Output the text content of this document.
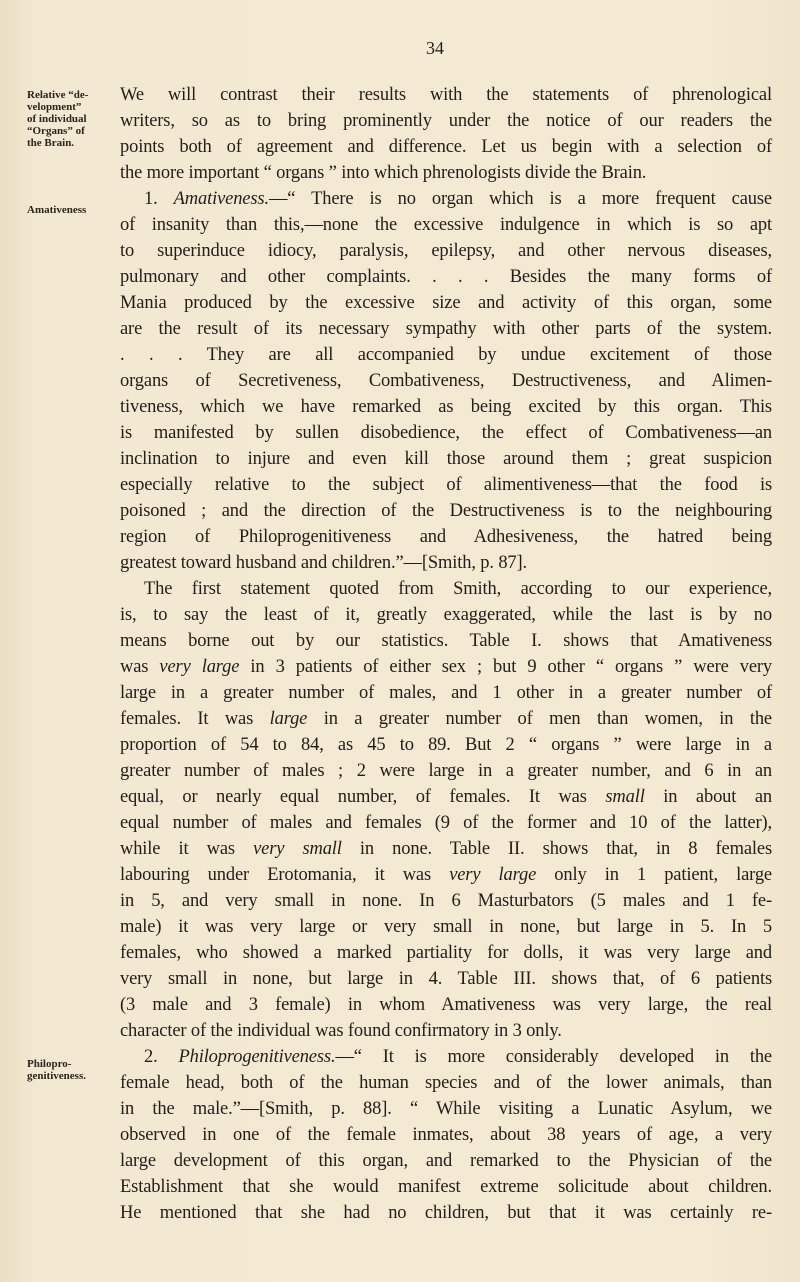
34
Relative “de-
velopment”
of individual
“Organs” of
the Brain.
Amativeness
Philopro-
genitiveness.
We will contrast their results with the statements of phrenological
writers, so as to bring prominently under the notice of our readers the
points both of agreement and difference. Let us begin with a selection of
the more important “ organs ” into which phrenologists divide the Brain.
1. Amativeness.—“ There is no organ which is a more frequent cause
of insanity than this,—none the excessive indulgence in which is so apt
to superinduce idiocy, paralysis, epilepsy, and other nervous diseases,
pulmonary and other complaints. . . . Besides the many forms of
Mania produced by the excessive size and activity of this organ, some
are the result of its necessary sympathy with other parts of the system.
. . . They are all accompanied by undue excitement of those
organs of Secretiveness, Combativeness, Destructiveness, and Alimen-
tiveness, which we have remarked as being excited by this organ. This
is manifested by sullen disobedience, the effect of Combativeness—an
inclination to injure and even kill those around them ; great suspicion
especially relative to the subject of alimentiveness—that the food is
poisoned ; and the direction of the Destructiveness is to the neighbouring
region of Philoprogenitiveness and Adhesiveness, the hatred being
greatest toward husband and children.”—[Smith, p. 87].
The first statement quoted from Smith, according to our experience,
is, to say the least of it, greatly exaggerated, while the last is by no
means borne out by our statistics. Table I. shows that Amativeness
was very large in 3 patients of either sex ; but 9 other “ organs ” were very
large in a greater number of males, and 1 other in a greater number of
females. It was large in a greater number of men than women, in the
proportion of 54 to 84, as 45 to 89. But 2 “ organs ” were large in a
greater number of males ; 2 were large in a greater number, and 6 in an
equal, or nearly equal number, of females. It was small in about an
equal number of males and females (9 of the former and 10 of the latter),
while it was very small in none. Table II. shows that, in 8 females
labouring under Erotomania, it was very large only in 1 patient, large
in 5, and very small in none. In 6 Masturbators (5 males and 1 fe-
male) it was very large or very small in none, but large in 5. In 5
females, who showed a marked partiality for dolls, it was very large and
very small in none, but large in 4. Table III. shows that, of 6 patients
(3 male and 3 female) in whom Amativeness was very large, the real
character of the individual was found confirmatory in 3 only.
2. Philoprogenitiveness.—“ It is more considerably developed in the
female head, both of the human species and of the lower animals, than
in the male.”—[Smith, p. 88]. “ While visiting a Lunatic Asylum, we
observed in one of the female inmates, about 38 years of age, a very
large development of this organ, and remarked to the Physician of the
Establishment that she would manifest extreme solicitude about children.
He mentioned that she had no children, but that it was certainly re-
